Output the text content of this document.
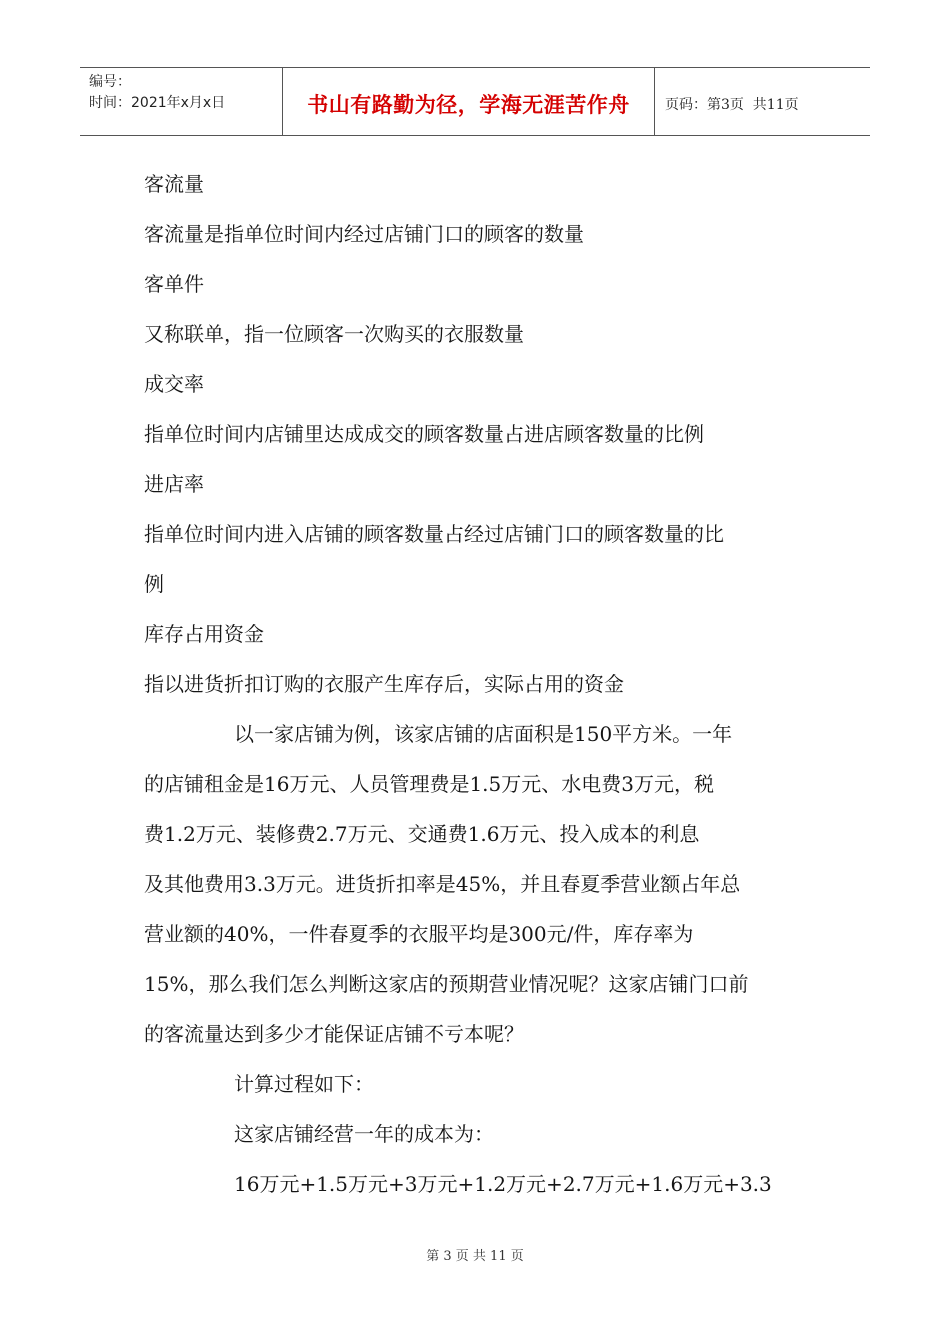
编号：
时间：2021年x月x日	书山有路勤为径，学海无涯苦作舟	页码：第3页  共11页
客流量
客流量是指单位时间内经过店铺门口的顾客的数量
客单件
又称联单，指一位顾客一次购买的衣服数量
成交率
指单位时间内店铺里达成成交的顾客数量占进店顾客数量的比例
进店率
指单位时间内进入店铺的顾客数量占经过店铺门口的顾客数量的比
例
库存占用资金
指以进货折扣订购的衣服产生库存后，实际占用的资金
以一家店铺为例，该家店铺的店面积是150平方米。一年
的店铺租金是16万元、人员管理费是1.5万元、水电费3万元，税
费1.2万元、装修费2.7万元、交通费1.6万元、投入成本的利息
及其他费用3.3万元。进货折扣率是45%，并且春夏季营业额占年总
营业额的40%，一件春夏季的衣服平均是300元/件，库存率为
15%，那么我们怎么判断这家店的预期营业情况呢？这家店铺门口前
的客流量达到多少才能保证店铺不亏本呢？
计算过程如下：
这家店铺经营一年的成本为：
16万元+1.5万元+3万元+1.2万元+2.7万元+1.6万元+3.3
第 3 页 共 11 页
